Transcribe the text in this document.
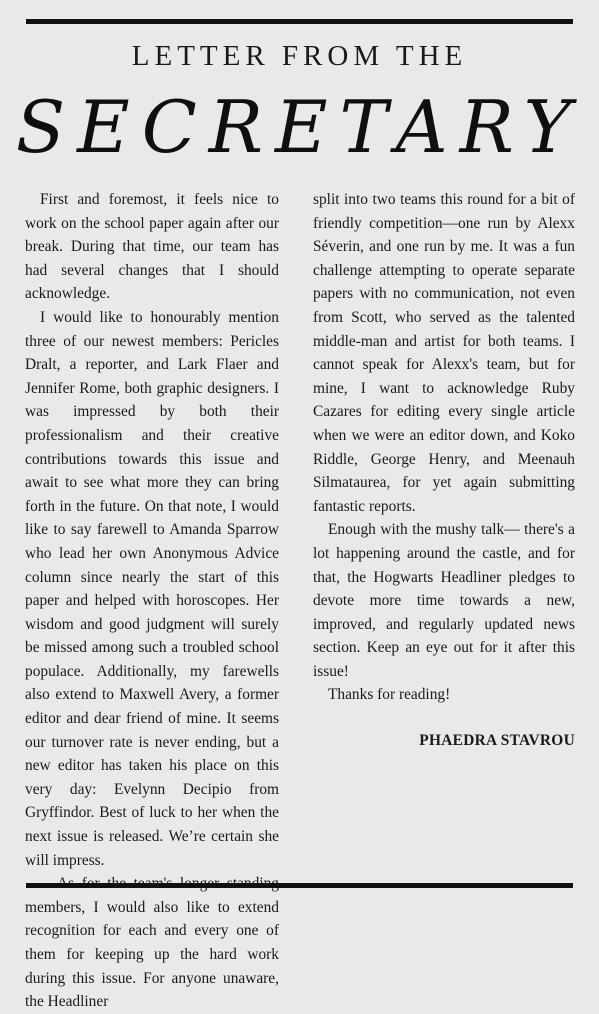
LETTER FROM THE
SECRETARY

First and foremost, it feels nice to work on the school paper again after our break. During that time, our team has had several changes that I should acknowledge.

I would like to honourably mention three of our newest members: Pericles Dralt, a reporter, and Lark Flaer and Jennifer Rome, both graphic designers. I was impressed by both their professionalism and their creative contributions towards this issue and await to see what more they can bring forth in the future. On that note, I would like to say farewell to Amanda Sparrow who lead her own Anonymous Advice column since nearly the start of this paper and helped with horoscopes. Her wisdom and good judgment will surely be missed among such a troubled school populace. Additionally, my farewells also extend to Maxwell Avery, a former editor and dear friend of mine. It seems our turnover rate is never ending, but a new editor has taken his place on this very day: Evelynn Decipio from Gryffindor. Best of luck to her when the next issue is released. We’re certain she will impress.

members, I would also like to extend recognition for each and every one of them for keeping up the hard work during this issue. For anyone unaware, the Headliner

split into two teams this round for a bit of friendly competition—one run by Alexx Séverin, and one run by me. It was a fun challenge attempting to operate separate papers with no communication, not even from Scott, who served as the talented middle-man and artist for both teams. I cannot speak for Alexx's team, but for mine, I want to acknowledge Ruby Cazares for editing every single article when we were an editor down, and Koko Riddle, George Henry, and Meenauh Silmataurea, for yet again submitting fantastic reports.

Enough with the mushy talk— there's a lot happening around the castle, and for that, the Hogwarts Headliner pledges to devote more time towards a new, improved, and regularly updated news section. Keep an eye out for it after this issue!

Thanks for reading!

PHAEDRA STAVROU
